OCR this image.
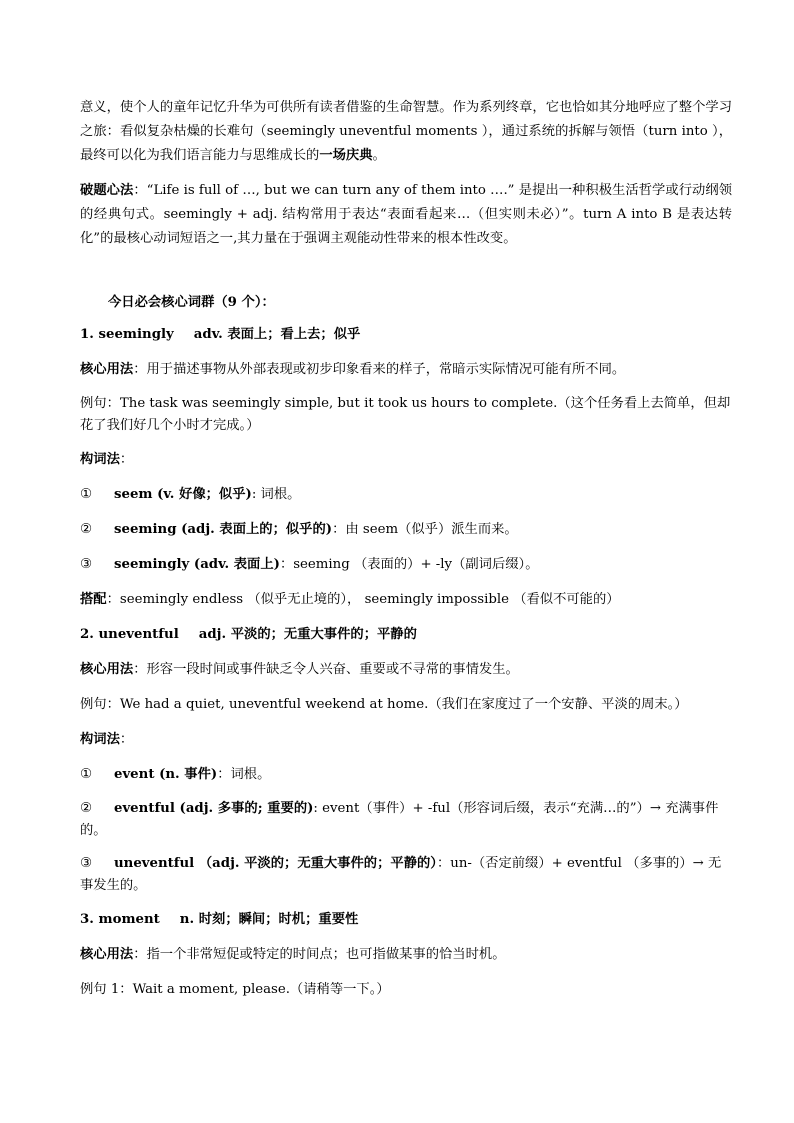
意义，使个人的童年记忆升华为可供所有读者借鉴的生命智慧。作为系列终章，它也恰如其分地呼应了整个学习之旅：看似复杂枯燥的长难句（seemingly uneventful moments ），通过系统的拆解与领悟（turn into ），最终可以化为我们语言能力与思维成长的一场庆典。

破题心法：“Life is full of …, but we can turn any of them into ….” 是提出一种积极生活哲学或行动纲领的经典句式。seemingly + adj. 结构常用于表达“表面看起来…（但实则未必）”。turn A into B 是表达转化”的最核心动词短语之一,其力量在于强调主观能动性带来的根本性改变。

今日必会核心词群（9 个）：

1. seemingly adv. 表面上；看上去；似乎

核心用法：用于描述事物从外部表现或初步印象看来的样子，常暗示实际情况可能有所不同。

例句：The task was seemingly simple, but it took us hours to complete.（这个任务看上去简单，但却花了我们好几个小时才完成。）

构词法：

① seem (v. 好像；似乎): 词根。

② seeming (adj. 表面上的；似乎的)：由 seem（似乎）派生而来。

③ seemingly (adv. 表面上)：seeming （表面的）+ -ly（副词后缀）。

搭配：seemingly endless （似乎无止境的）， seemingly impossible （看似不可能的）

2. uneventful adj. 平淡的；无重大事件的；平静的

核心用法：形容一段时间或事件缺乏令人兴奋、重要或不寻常的事情发生。

例句：We had a quiet, uneventful weekend at home.（我们在家度过了一个安静、平淡的周末。）

构词法：

① event (n. 事件)：词根。

② eventful (adj. 多事的; 重要的): event（事件）+ -ful（形容词后缀，表示“充满…的”）→ 充满事件的。

③ uneventful （adj. 平淡的；无重大事件的；平静的）：un-（否定前缀）+ eventful （多事的）→ 无事发生的。

3. moment n. 时刻；瞬间；时机；重要性

核心用法：指一个非常短促或特定的时间点；也可指做某事的恰当时机。

例句 1：Wait a moment, please.（请稍等一下。）
